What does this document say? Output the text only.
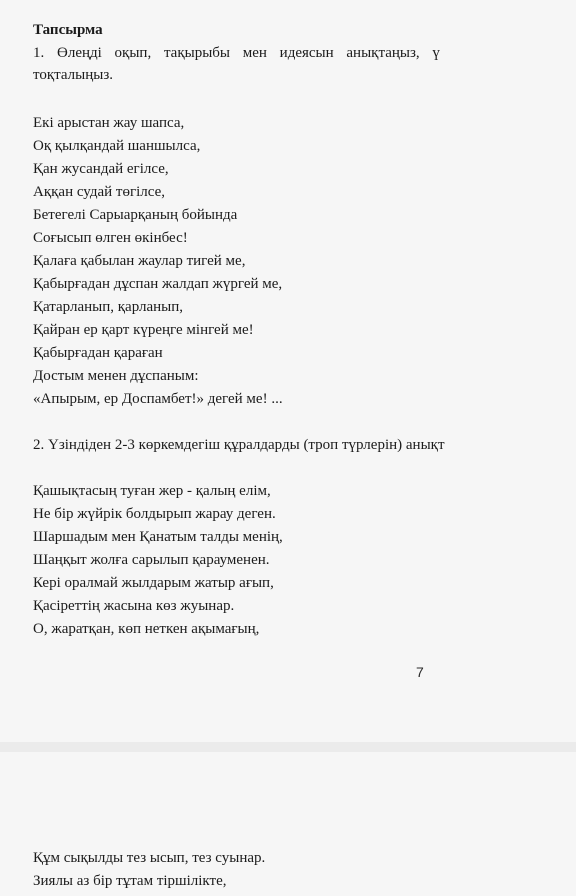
Тапсырма
1. Өлеңді оқып, тақырыбы мен идеясын анықтаңыз, ү
тоқталыңыз.
Екі арыстан жау шапса,
Оқ қылқандай шаншылса,
Қан жусандай егілсе,
Аққан судай төгілсе,
Бетегелі Сарыарқаның бойында
Соғысып өлген өкінбес!
Қалаға қабылан жаулар тигей ме,
Қабырғадан дұспан жалдап жүргей ме,
Қатарланып, қарланып,
Қайран ер қарт күреңге мінгей ме!
Қабырғадан қараған
Достым менен дұспаным:
«Апырым, ер Доспамбет!» дегей ме! ...
2. Үзіндіден 2-3 көркемдегіш құралдарды (троп түрлерін) анықт
Қашықтасың туған жер - қалың елім,
Не бір жүйрік болдырып жарау деген.
Шаршадым мен Қанатым талды менің,
Шаңқыт жолға сарылып қарауменен.
Кері оралмай жылдарым жатыр ағып,
Қасіреттің жасына көз жуынар.
О, жаратқан, көп неткен ақымағың,
7
Құм сықылды тез ысып, тез суынар.
Зиялы аз бір тұтам тіршілікте,
